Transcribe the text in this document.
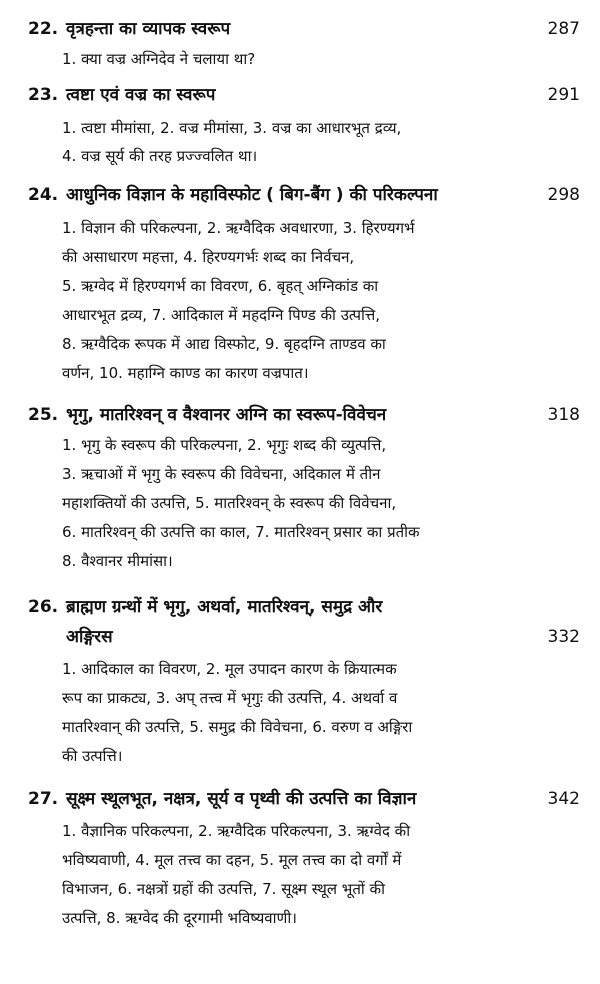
22. वृत्रहन्ता का व्यापक स्वरूप	287
1. क्या वज्र अग्निदेव ने चलाया था?
23. त्वष्टा एवं वज्र का स्वरूप	291
1. त्वष्टा मीमांसा, 2. वज्र मीमांसा, 3. वज्र का आधारभूत द्रव्य,
4. वज्र सूर्य की तरह प्रज्ज्वलित था।
24. आधुनिक विज्ञान के महाविस्फोट ( बिग-बैंग ) की परिकल्पना	298
1. विज्ञान की परिकल्पना, 2. ऋग्वैदिक अवधारणा, 3. हिरण्यगर्भ
की असाधारण महत्ता, 4. हिरण्यगर्भः शब्द का निर्वचन,
5. ऋग्वेद में हिरण्यगर्भ का विवरण, 6. बृहत् अग्निकांड का
आधारभूत द्रव्य, 7. आदिकाल में महदग्नि पिण्ड की उत्पत्ति,
8. ऋग्वैदिक रूपक में आद्य विस्फोट, 9. बृहदग्नि ताण्डव का
वर्णन, 10. महाग्नि काण्ड का कारण वज्रपात।
25. भृगु, मातरिश्वन् व वैश्वानर अग्नि का स्वरूप-विवेचन	318
1. भृगु के स्वरूप की परिकल्पना, 2. भृगुः शब्द की व्युत्पत्ति,
3. ऋचाओं में भृगु के स्वरूप की विवेचना, अदिकाल में तीन
महाशक्तियों की उत्पत्ति, 5. मातरिश्वन् के स्वरूप की विवेचना,
6. मातरिश्वन् की उत्पत्ति का काल, 7. मातरिश्वन् प्रसार का प्रतीक
8. वैश्वानर मीमांसा।
26. ब्राह्मण ग्रन्थों में भृगु, अथर्वा, मातरिश्वन्, समुद्र और
अङ्गिरस	332
1. आदिकाल का विवरण, 2. मूल उपादन कारण के क्रियात्मक
रूप का प्राकट्य, 3. अप् तत्त्व में भृगुः की उत्पत्ति, 4. अथर्वा व
मातरिश्वान् की उत्पत्ति, 5. समुद्र की विवेचना, 6. वरुण व अङ्गिरा
की उत्पत्ति।
27. सूक्ष्म स्थूलभूत, नक्षत्र, सूर्य व पृथ्वी की उत्पत्ति का विज्ञान	342
1. वैज्ञानिक परिकल्पना, 2. ऋग्वैदिक परिकल्पना, 3. ऋग्वेद की
भविष्यवाणी, 4. मूल तत्त्व का दहन, 5. मूल तत्त्व का दो वर्गों में
विभाजन, 6. नक्षत्रों ग्रहों की उत्पत्ति, 7. सूक्ष्म स्थूल भूतों की
उत्पत्ति, 8. ऋग्वेद की दूरगामी भविष्यवाणी।
